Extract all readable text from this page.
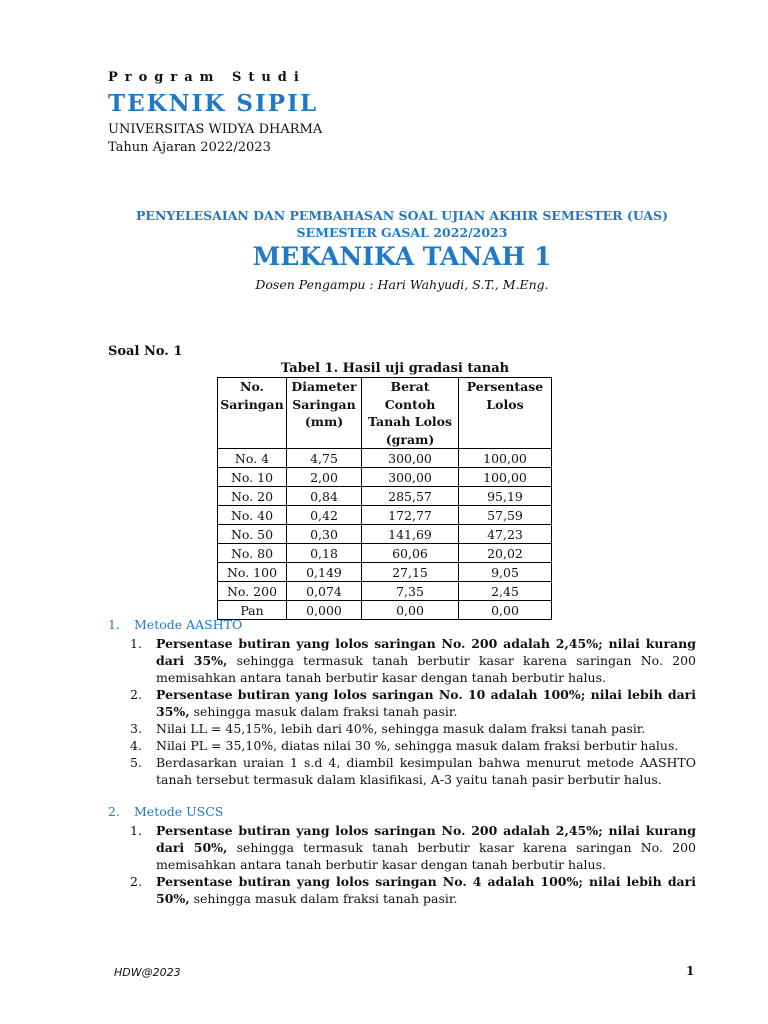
Program Studi
TEKNIK SIPIL
UNIVERSITAS WIDYA DHARMA
Tahun Ajaran 2022/2023
PENYELESAIAN DAN PEMBAHASAN SOAL UJIAN AKHIR SEMESTER (UAS)
SEMESTER GASAL 2022/2023
MEKANIKA TANAH 1
Dosen Pengampu : Hari Wahyudi, S.T., M.Eng.
Soal No. 1
Tabel 1. Hasil uji gradasi tanah
No. Saringan	Diameter Saringan (mm)	Berat Contoh Tanah Lolos (gram)	Persentase Lolos
No. 4	4,75	300,00	100,00
No. 10	2,00	300,00	100,00
No. 20	0,84	285,57	95,19
No. 40	0,42	172,77	57,59
No. 50	0,30	141,69	47,23
No. 80	0,18	60,06	20,02
No. 100	0,149	27,15	9,05
No. 200	0,074	7,35	2,45
Pan	0,000	0,00	0,00
1. Metode AASHTO
1. Persentase butiran yang lolos saringan No. 200 adalah 2,45%; nilai kurang dari 35%, sehingga termasuk tanah berbutir kasar karena saringan No. 200 memisahkan antara tanah berbutir kasar dengan tanah berbutir halus.
2. Persentase butiran yang lolos saringan No. 10 adalah 100%; nilai lebih dari 35%, sehingga masuk dalam fraksi tanah pasir.
3. Nilai LL = 45,15%, lebih dari 40%, sehingga masuk dalam fraksi tanah pasir.
4. Nilai PL = 35,10%, diatas nilai 30 %, sehingga masuk dalam fraksi berbutir halus.
5. Berdasarkan uraian 1 s.d 4, diambil kesimpulan bahwa menurut metode AASHTO tanah tersebut termasuk dalam klasifikasi, A-3 yaitu tanah pasir berbutir halus.
2. Metode USCS
1. Persentase butiran yang lolos saringan No. 200 adalah 2,45%; nilai kurang dari 50%, sehingga termasuk tanah berbutir kasar karena saringan No. 200 memisahkan antara tanah berbutir kasar dengan tanah berbutir halus.
2. Persentase butiran yang lolos saringan No. 4 adalah 100%; nilai lebih dari 50%, sehingga masuk dalam fraksi tanah pasir.
HDW@2023	1
